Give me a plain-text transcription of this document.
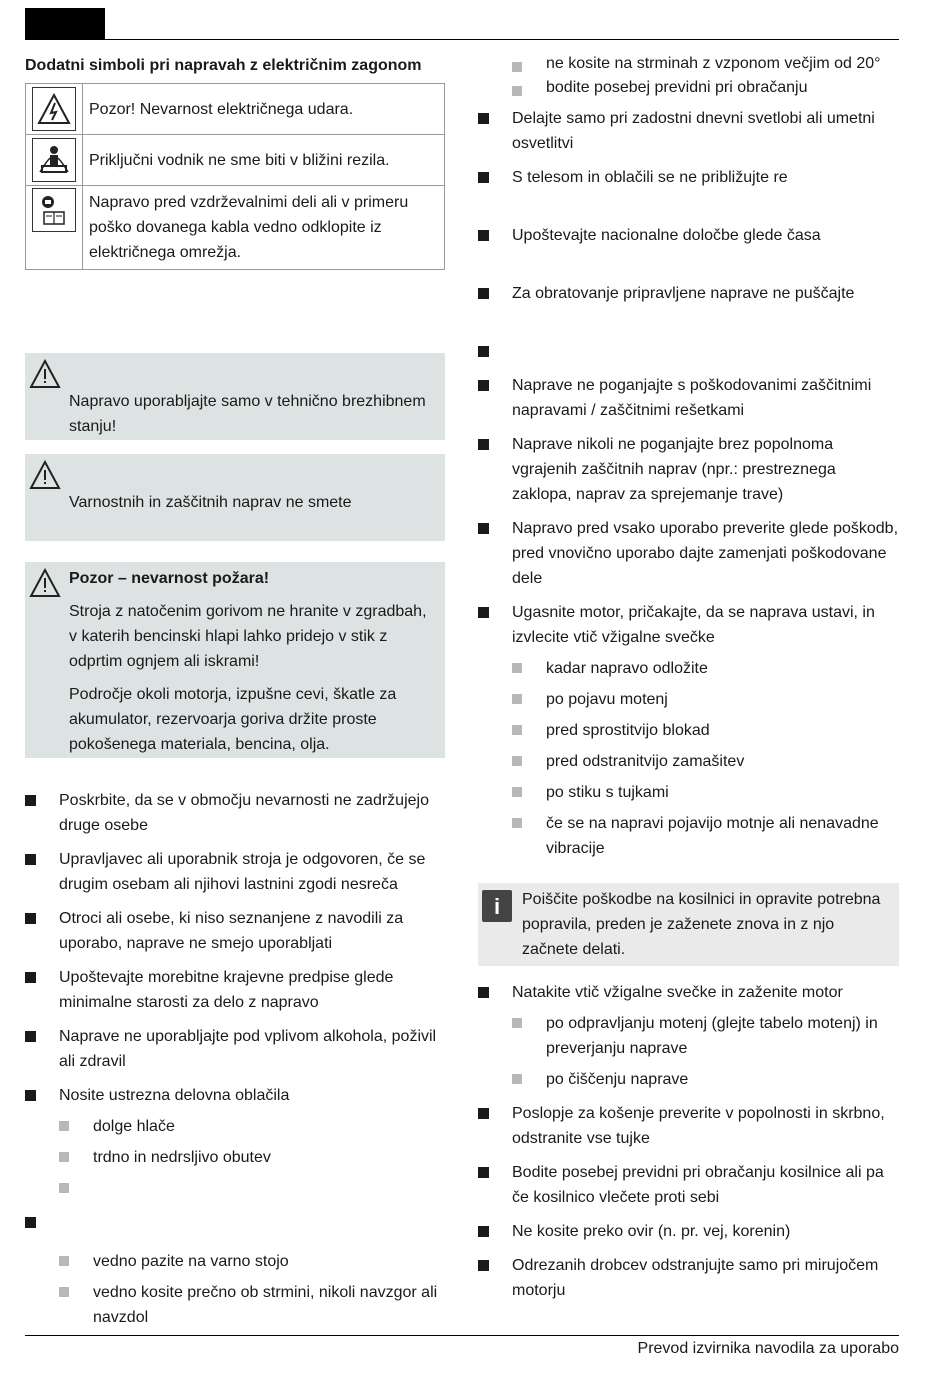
Dodatni simboli pri napravah z električnim zagonom
	Pozor! Nevarnost električnega udara.

	Priključni vodnik ne sme biti v bližini rezila.

	Napravo pred vzdrževalnimi deli ali v primeru poško dovanega kabla vedno odklopite iz električnega omrežja.

Napravo uporabljajte samo v tehnično brezhibnem stanju!

Varnostnih in zaščitnih naprav ne smete

Pozor – nevarnost požara!

Stroja z natočenim gorivom ne hranite v zgradbah, v katerih bencinski hlapi lahko pridejo v stik z odprtim ognjem ali iskrami!

Področje okoli motorja, izpušne cevi, škatle za akumulator, rezervoarja goriva držite proste pokošenega materiala, bencina, olja.

Poskrbite, da se v območju nevarnosti ne zadržujejo druge osebe
Upravljavec ali uporabnik stroja je odgovoren, če se drugim osebam ali njihovi lastnini zgodi nesreča
Otroci ali osebe, ki niso seznanjene z navodili za uporabo, naprave ne smejo uporabljati
Upoštevajte morebitne krajevne predpise glede minimalne starosti za delo z napravo
Naprave ne uporabljajte pod vplivom alkohola, poživil ali zdravil
Nosite ustrezna delovna oblačila
dolge hlače
trdno in nedrsljivo obutev
vedno pazite na varno stojo
vedno kosite prečno ob strmini, nikoli navzgor ali navzdol
ne kosite na strminah z vzponom večjim od 20°
bodite posebej previdni pri obračanju
Delajte samo pri zadostni dnevni svetlobi ali umetni osvetlitvi
S telesom in oblačili se ne približujte re
Upoštevajte nacionalne določbe glede časa
Za obratovanje pripravljene naprave ne puščajte
Naprave ne poganjajte s poškodovanimi zaščitnimi napravami / zaščitnimi rešetkami
Naprave nikoli ne poganjajte brez popolnoma vgrajenih zaščitnih naprav (npr.: prestreznega zaklopa, naprav za sprejemanje trave)
Napravo pred vsako uporabo preverite glede poškodb, pred vnovično uporabo dajte zamenjati poškodovane dele
Ugasnite motor, pričakajte, da se naprava ustavi, in izvlecite vtič vžigalne svečke
kadar napravo odložite
po pojavu motenj
pred sprostitvijo blokad
pred odstranitvijo zamašitev
po stiku s tujkami
če se na napravi pojavijo motnje ali nenavadne vibracije
i	Poiščite poškodbe na kosilnici in opravite potrebna popravila, preden je zaženete znova in z njo začnete delati.
Natakite vtič vžigalne svečke in zaženite motor
po odpravljanju motenj (glejte tabelo motenj) in preverjanju naprave
po čiščenju naprave
Poslopje za košenje preverite v popolnosti in skrbno, odstranite vse tujke
Bodite posebej previdni pri obračanju kosilnice ali pa če kosilnico vlečete proti sebi
Ne kosite preko ovir (n. pr. vej, korenin)
Odrezanih drobcev odstranjujte samo pri mirujočem motorju
Prevod izvirnika navodila za uporabo
